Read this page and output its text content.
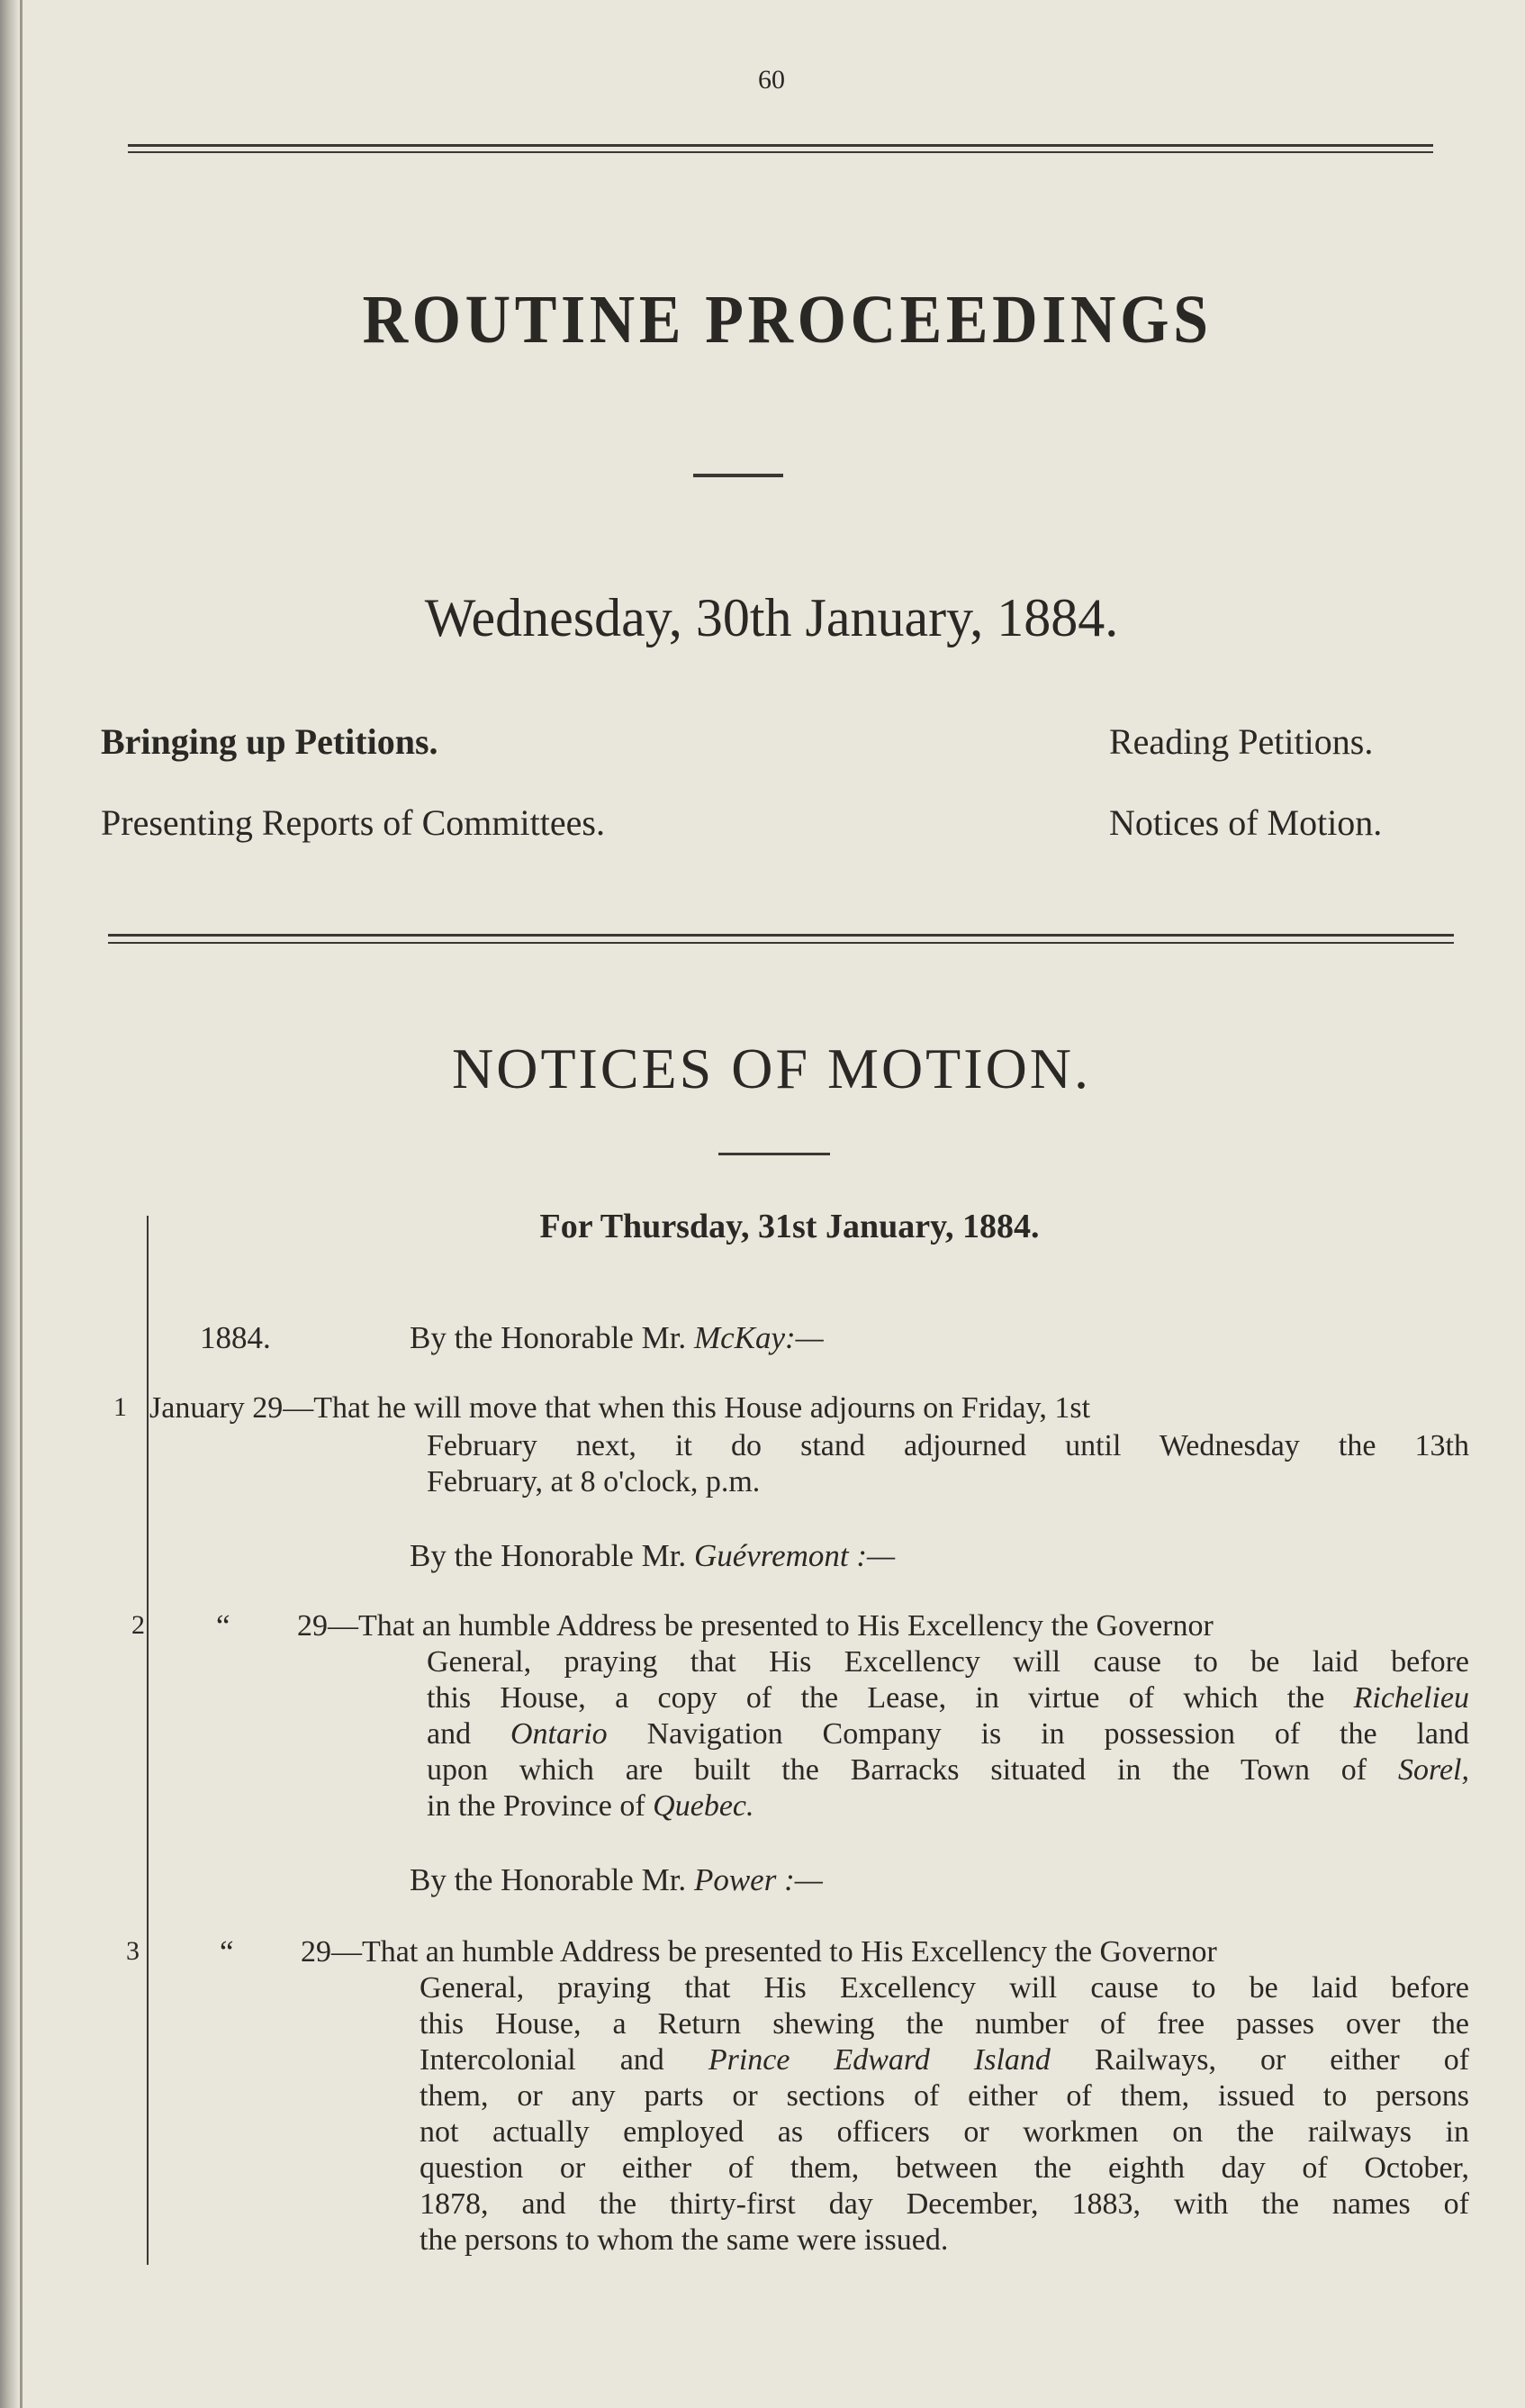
60
ROUTINE PROCEEDINGS
Wednesday, 30th January, 1884.
Bringing up Petitions.	Reading Petitions.
Presenting Reports of Committees.	Notices of Motion.
NOTICES OF MOTION.
For Thursday, 31st January, 1884.
1884.	By the Honorable Mr. McKay:—
1 January 29—That he will move that when this House adjourns on Friday, 1st
February next, it do stand adjourned until Wednesday the 13th
February, at 8 o'clock, p.m.
By the Honorable Mr. Guévremont :—
2 “ 29—That an humble Address be presented to His Excellency the Governor
General, praying that His Excellency will cause to be laid before
this House, a copy of the Lease, in virtue of which the Richelieu
and Ontario Navigation Company is in possession of the land
upon which are built the Barracks situated in the Town of Sorel,
in the Province of Quebec.
By the Honorable Mr. Power :—
3	“ 29—That an humble Address be presented to His Excellency the Governor
General, praying that His Excellency will cause to be laid before
this House, a Return shewing the number of free passes over the
Intercolonial and Prince Edward Island Railways, or either of
them, or any parts or sections of either of them, issued to persons
not actually employed as officers or workmen on the railways in
question or either of them, between the eighth day of October,
1878, and the thirty-first day December, 1883, with the names of
the persons to whom the same were issued.
